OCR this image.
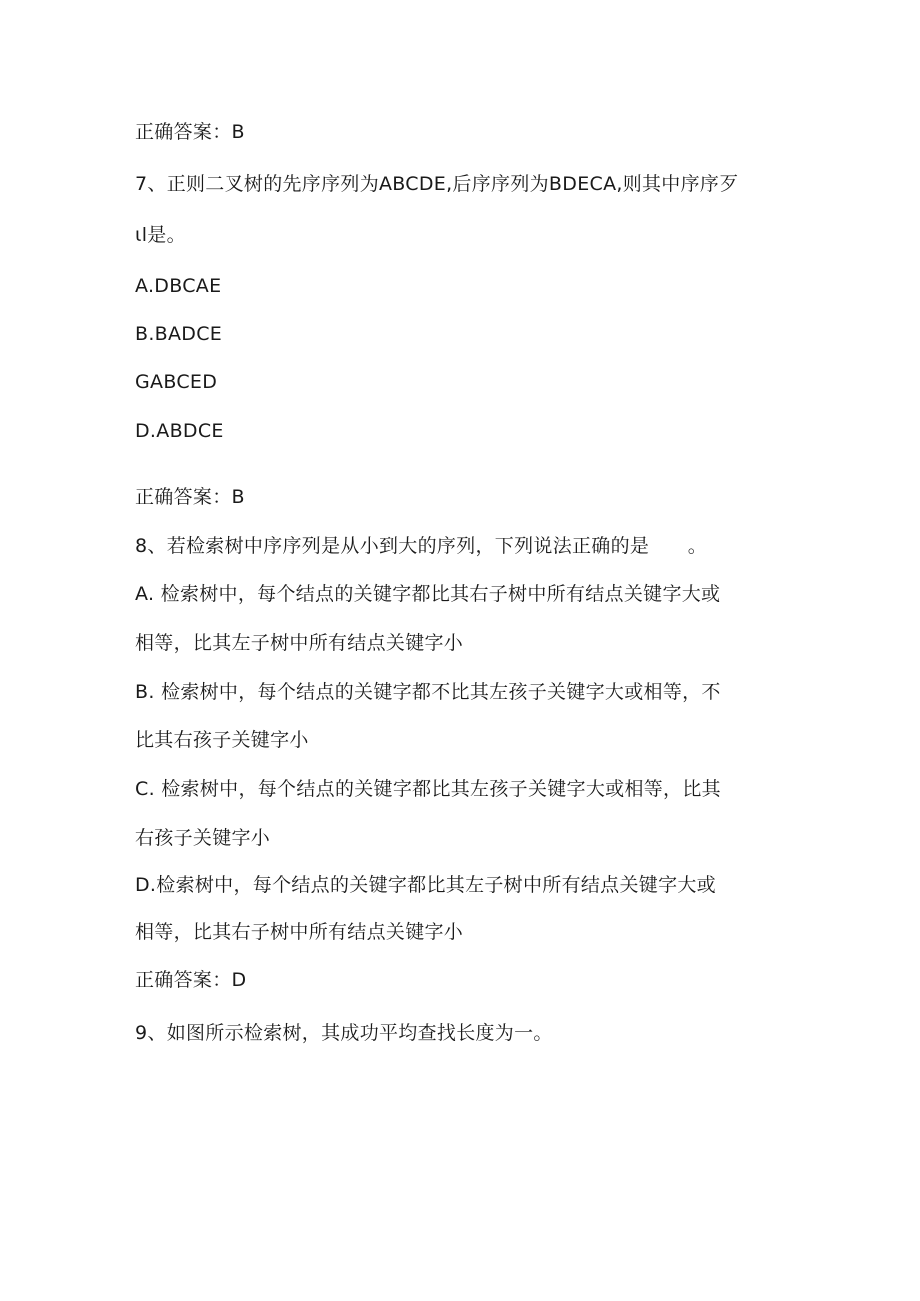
正确答案：B
7、正则二叉树的先序序列为ABCDE,后序序列为BDECA,则其中序序歹
ιl是。
A.DBCAE
B.BADCE
GABCED
D.ABDCE
正确答案：B
8、若检索树中序序列是从小到大的序列，下列说法正确的是　　。
A. 检索树中，每个结点的关键字都比其右子树中所有结点关键字大或
相等，比其左子树中所有结点关键字小
B. 检索树中，每个结点的关键字都不比其左孩子关键字大或相等，不
比其右孩子关键字小
C. 检索树中，每个结点的关键字都比其左孩子关键字大或相等，比其
右孩子关键字小
D.检索树中，每个结点的关键字都比其左子树中所有结点关键字大或
相等，比其右子树中所有结点关键字小
正确答案：D
9、如图所示检索树，其成功平均查找长度为一。
